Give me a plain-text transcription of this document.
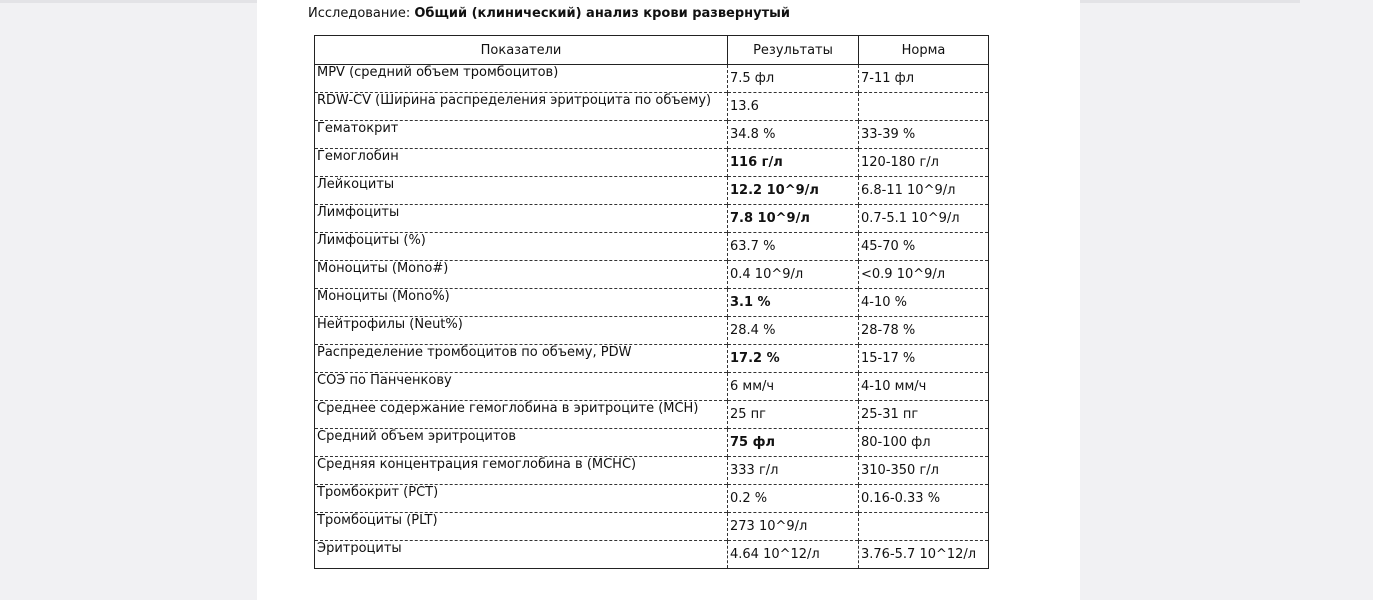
Исследование: Общий (клинический) анализ крови развернутый
Показатели	Результаты	Норма
MPV (средний объем тромбоцитов)	7.5 фл	7-11 фл
RDW-CV (Ширина распределения эритроцита по объему)	13.6	
Гематокрит	34.8 %	33-39 %
Гемоглобин	116 г/л	120-180 г/л
Лейкоциты	12.2 10^9/л	6.8-11 10^9/л
Лимфоциты	7.8 10^9/л	0.7-5.1 10^9/л
Лимфоциты (%)	63.7 %	45-70 %
Моноциты (Mono#)	0.4 10^9/л	<0.9 10^9/л
Моноциты (Mono%)	3.1 %	4-10 %
Нейтрофилы (Neut%)	28.4 %	28-78 %
Распределение тромбоцитов по объему, PDW	17.2 %	15-17 %
СОЭ по Панченкову	6 мм/ч	4-10 мм/ч
Среднее содержание гемоглобина в эритроците (MCH)	25 пг	25-31 пг
Средний объем эритроцитов	75 фл	80-100 фл
Средняя концентрация гемоглобина в (MCHC)	333 г/л	310-350 г/л
Тромбокрит (PCT)	0.2 %	0.16-0.33 %
Тромбоциты (PLT)	273 10^9/л	
Эритроциты	4.64 10^12/л	3.76-5.7 10^12/л
